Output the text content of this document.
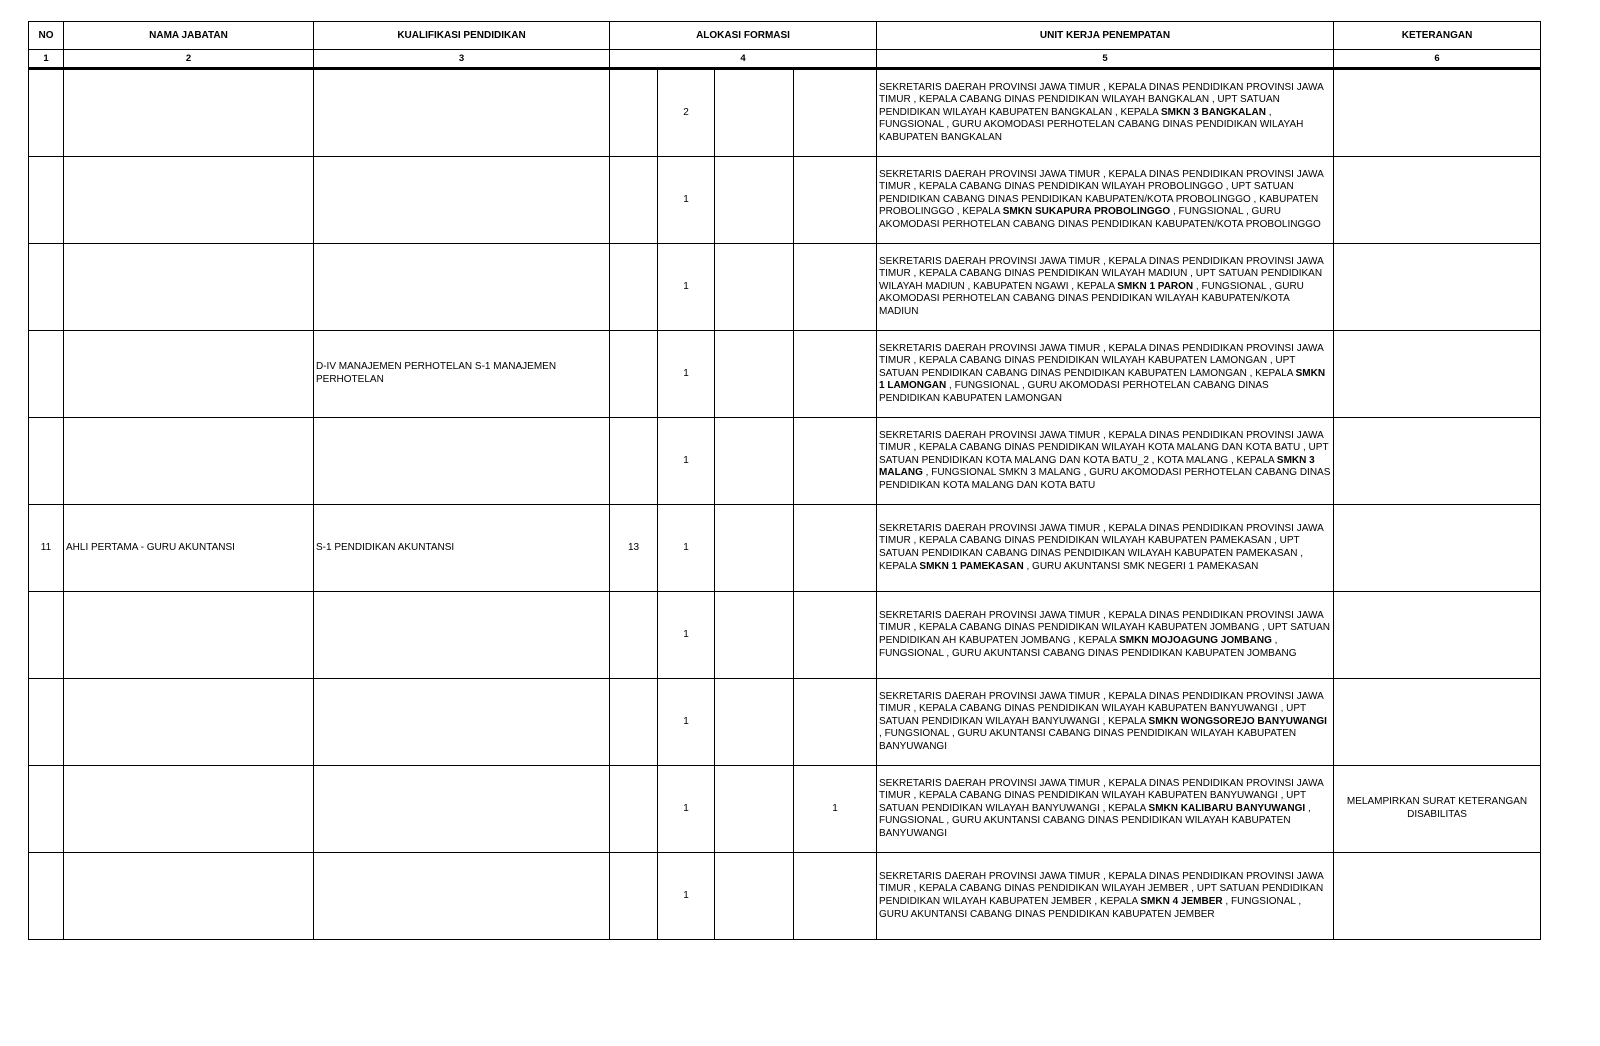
NO	NAMA JABATAN	KUALIFIKASI PENDIDIKAN	ALOKASI FORMASI				UNIT KERJA PENEMPATAN	KETERANGAN
1	2	3	4				5	6
				2			SEKRETARIS DAERAH PROVINSI JAWA TIMUR , KEPALA DINAS PENDIDIKAN PROVINSI JAWA TIMUR , KEPALA CABANG DINAS PENDIDIKAN WILAYAH BANGKALAN , UPT SATUAN PENDIDIKAN WILAYAH KABUPATEN BANGKALAN , KEPALA SMKN 3 BANGKALAN , FUNGSIONAL , GURU AKOMODASI PERHOTELAN CABANG DINAS PENDIDIKAN WILAYAH KABUPATEN BANGKALAN	
				1			SEKRETARIS DAERAH PROVINSI JAWA TIMUR , KEPALA DINAS PENDIDIKAN PROVINSI JAWA TIMUR , KEPALA CABANG DINAS PENDIDIKAN WILAYAH PROBOLINGGO , UPT SATUAN PENDIDIKAN CABANG DINAS PENDIDIKAN KABUPATEN/KOTA PROBOLINGGO , KABUPATEN PROBOLINGGO , KEPALA SMKN SUKAPURA PROBOLINGGO , FUNGSIONAL , GURU AKOMODASI PERHOTELAN CABANG DINAS PENDIDIKAN KABUPATEN/KOTA PROBOLINGGO	
				1			SEKRETARIS DAERAH PROVINSI JAWA TIMUR , KEPALA DINAS PENDIDIKAN PROVINSI JAWA TIMUR , KEPALA CABANG DINAS PENDIDIKAN WILAYAH MADIUN , UPT SATUAN PENDIDIKAN WILAYAH MADIUN , KABUPATEN NGAWI , KEPALA SMKN 1 PARON , FUNGSIONAL , GURU AKOMODASI PERHOTELAN CABANG DINAS PENDIDIKAN WILAYAH KABUPATEN/KOTA MADIUN	
		D-IV MANAJEMEN PERHOTELAN S-1 MANAJEMEN PERHOTELAN		1			SEKRETARIS DAERAH PROVINSI JAWA TIMUR , KEPALA DINAS PENDIDIKAN PROVINSI JAWA TIMUR , KEPALA CABANG DINAS PENDIDIKAN WILAYAH KABUPATEN LAMONGAN , UPT SATUAN PENDIDIKAN CABANG DINAS PENDIDIKAN KABUPATEN LAMONGAN , KEPALA SMKN 1 LAMONGAN , FUNGSIONAL , GURU AKOMODASI PERHOTELAN CABANG DINAS PENDIDIKAN KABUPATEN LAMONGAN	
				1			SEKRETARIS DAERAH PROVINSI JAWA TIMUR , KEPALA DINAS PENDIDIKAN PROVINSI JAWA TIMUR , KEPALA CABANG DINAS PENDIDIKAN WILAYAH KOTA MALANG DAN KOTA BATU , UPT SATUAN PENDIDIKAN KOTA MALANG DAN KOTA BATU_2 , KOTA MALANG , KEPALA SMKN 3 MALANG , FUNGSIONAL SMKN 3 MALANG , GURU AKOMODASI PERHOTELAN CABANG DINAS PENDIDIKAN KOTA MALANG DAN KOTA BATU	
11	AHLI PERTAMA - GURU AKUNTANSI	S-1 PENDIDIKAN AKUNTANSI	13	1			SEKRETARIS DAERAH PROVINSI JAWA TIMUR , KEPALA DINAS PENDIDIKAN PROVINSI JAWA TIMUR , KEPALA CABANG DINAS PENDIDIKAN WILAYAH KABUPATEN PAMEKASAN , UPT SATUAN PENDIDIKAN CABANG DINAS PENDIDIKAN WILAYAH KABUPATEN PAMEKASAN , KEPALA SMKN 1 PAMEKASAN , GURU AKUNTANSI SMK NEGERI 1 PAMEKASAN	
				1			SEKRETARIS DAERAH PROVINSI JAWA TIMUR , KEPALA DINAS PENDIDIKAN PROVINSI JAWA TIMUR , KEPALA CABANG DINAS PENDIDIKAN WILAYAH KABUPATEN JOMBANG , UPT SATUAN PENDIDIKAN AH KABUPATEN JOMBANG , KEPALA SMKN MOJOAGUNG JOMBANG , FUNGSIONAL , GURU AKUNTANSI CABANG DINAS PENDIDIKAN KABUPATEN JOMBANG	
				1			SEKRETARIS DAERAH PROVINSI JAWA TIMUR , KEPALA DINAS PENDIDIKAN PROVINSI JAWA TIMUR , KEPALA CABANG DINAS PENDIDIKAN WILAYAH KABUPATEN BANYUWANGI , UPT SATUAN PENDIDIKAN WILAYAH BANYUWANGI , KEPALA SMKN WONGSOREJO BANYUWANGI , FUNGSIONAL , GURU AKUNTANSI CABANG DINAS PENDIDIKAN WILAYAH KABUPATEN BANYUWANGI	
				1		1	SEKRETARIS DAERAH PROVINSI JAWA TIMUR , KEPALA DINAS PENDIDIKAN PROVINSI JAWA TIMUR , KEPALA CABANG DINAS PENDIDIKAN WILAYAH KABUPATEN BANYUWANGI , UPT SATUAN PENDIDIKAN WILAYAH BANYUWANGI , KEPALA SMKN KALIBARU BANYUWANGI , FUNGSIONAL , GURU AKUNTANSI CABANG DINAS PENDIDIKAN WILAYAH KABUPATEN BANYUWANGI	MELAMPIRKAN SURAT KETERANGAN DISABILITAS
				1			SEKRETARIS DAERAH PROVINSI JAWA TIMUR , KEPALA DINAS PENDIDIKAN PROVINSI JAWA TIMUR , KEPALA CABANG DINAS PENDIDIKAN WILAYAH JEMBER , UPT SATUAN PENDIDIKAN PENDIDIKAN WILAYAH KABUPATEN JEMBER , KEPALA SMKN 4 JEMBER , FUNGSIONAL , GURU AKUNTANSI CABANG DINAS PENDIDIKAN KABUPATEN JEMBER	
